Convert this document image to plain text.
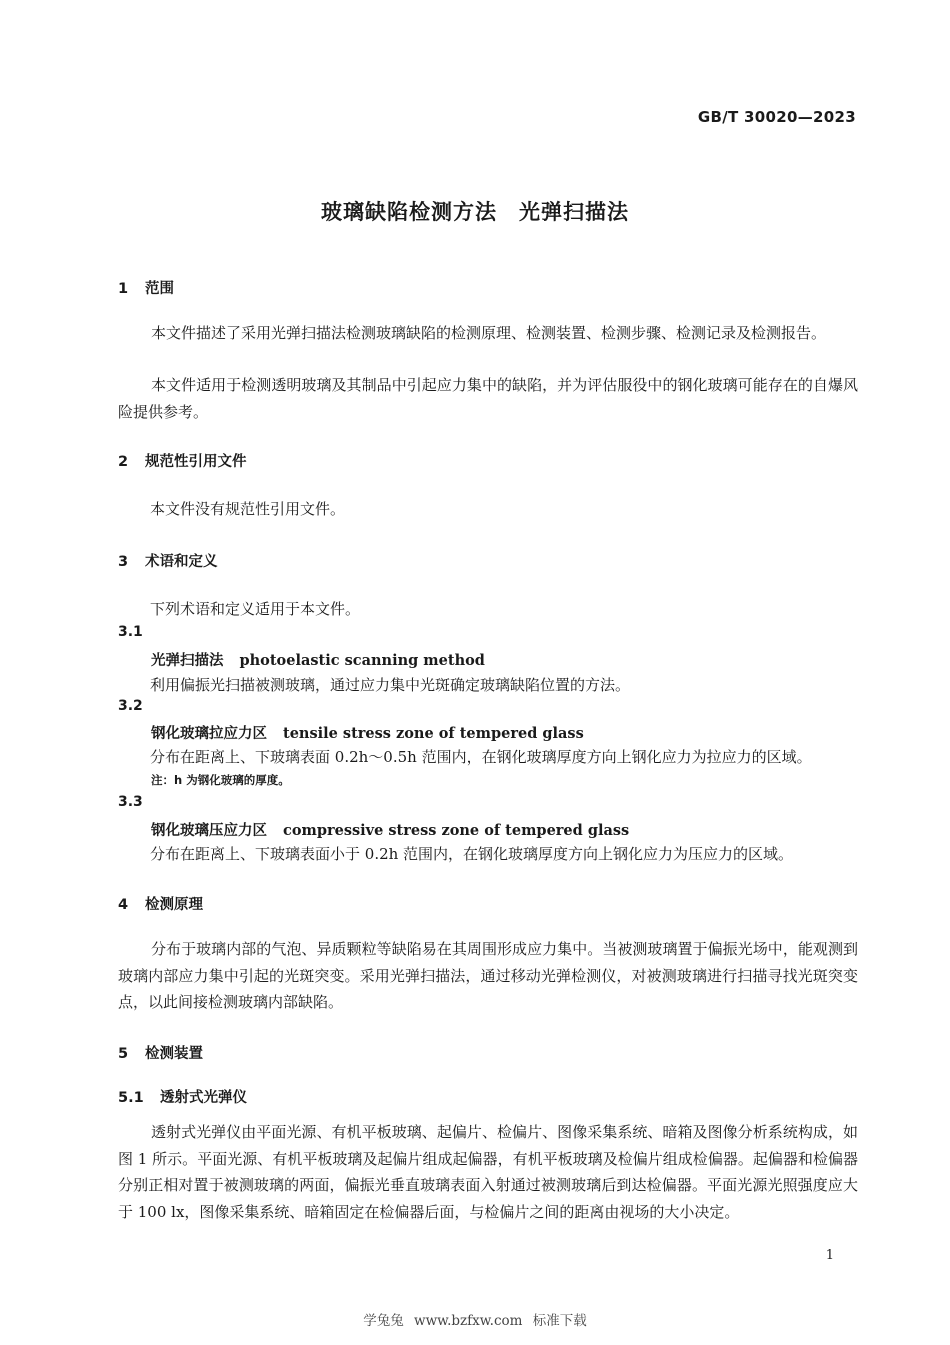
GB/T 30020—2023
玻璃缺陷检测方法　光弹扫描法
1 范围
本文件描述了采用光弹扫描法检测玻璃缺陷的检测原理、检测装置、检测步骤、检测记录及检测报告。
本文件适用于检测透明玻璃及其制品中引起应力集中的缺陷，并为评估服役中的钢化玻璃可能存在的自爆风险提供参考。
2 规范性引用文件
本文件没有规范性引用文件。
3 术语和定义
下列术语和定义适用于本文件。
3.1
光弹扫描法 photoelastic scanning method
利用偏振光扫描被测玻璃，通过应力集中光斑确定玻璃缺陷位置的方法。
3.2
钢化玻璃拉应力区 tensile stress zone of tempered glass
分布在距离上、下玻璃表面 0.2h～0.5h 范围内，在钢化玻璃厚度方向上钢化应力为拉应力的区域。
注：h 为钢化玻璃的厚度。
3.3
钢化玻璃压应力区 compressive stress zone of tempered glass
分布在距离上、下玻璃表面小于 0.2h 范围内，在钢化玻璃厚度方向上钢化应力为压应力的区域。
4 检测原理
分布于玻璃内部的气泡、异质颗粒等缺陷易在其周围形成应力集中。当被测玻璃置于偏振光场中，能观测到玻璃内部应力集中引起的光斑突变。采用光弹扫描法，通过移动光弹检测仪，对被测玻璃进行扫描寻找光斑突变点，以此间接检测玻璃内部缺陷。
5 检测装置
5.1 透射式光弹仪
透射式光弹仪由平面光源、有机平板玻璃、起偏片、检偏片、图像采集系统、暗箱及图像分析系统构成，如图 1 所示。平面光源、有机平板玻璃及起偏片组成起偏器，有机平板玻璃及检偏片组成检偏器。起偏器和检偏器分别正相对置于被测玻璃的两面，偏振光垂直玻璃表面入射通过被测玻璃后到达检偏器。平面光源光照强度应大于 100 lx，图像采集系统、暗箱固定在检偏器后面，与检偏片之间的距离由视场的大小决定。
1
学兔兔 www.bzfxw.com 标准下载
